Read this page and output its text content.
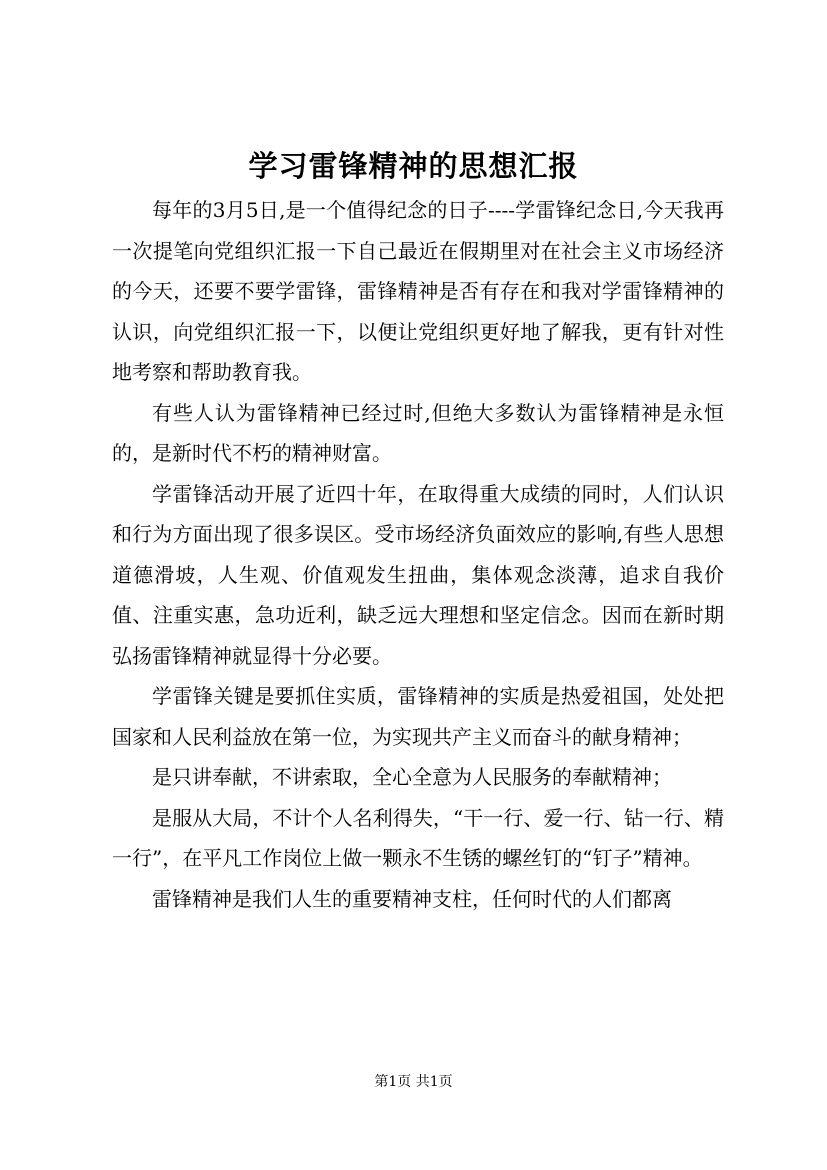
学习雷锋精神的思想汇报

每年的3月5日,是一个值得纪念的日子----学雷锋纪念日,今天我再一次提笔向党组织汇报一下自己最近在假期里对在社会主义市场经济的今天，还要不要学雷锋，雷锋精神是否有存在和我对学雷锋精神的认识，向党组织汇报一下，以便让党组织更好地了解我，更有针对性地考察和帮助教育我。

有些人认为雷锋精神已经过时,但绝大多数认为雷锋精神是永恒的，是新时代不朽的精神财富。

学雷锋活动开展了近四十年，在取得重大成绩的同时，人们认识和行为方面出现了很多误区。受市场经济负面效应的影响,有些人思想道德滑坡，人生观、价值观发生扭曲，集体观念淡薄，追求自我价值、注重实惠，急功近利，缺乏远大理想和坚定信念。因而在新时期弘扬雷锋精神就显得十分必要。

学雷锋关键是要抓住实质，雷锋精神的实质是热爱祖国，处处把国家和人民利益放在第一位，为实现共产主义而奋斗的献身精神；

是只讲奉献，不讲索取，全心全意为人民服务的奉献精神；

是服从大局，不计个人名利得失，“干一行、爱一行、钻一行、精一行”，在平凡工作岗位上做一颗永不生锈的螺丝钉的“钉子”精神。

雷锋精神是我们人生的重要精神支柱，任何时代的人们都离

第1页 共1页
